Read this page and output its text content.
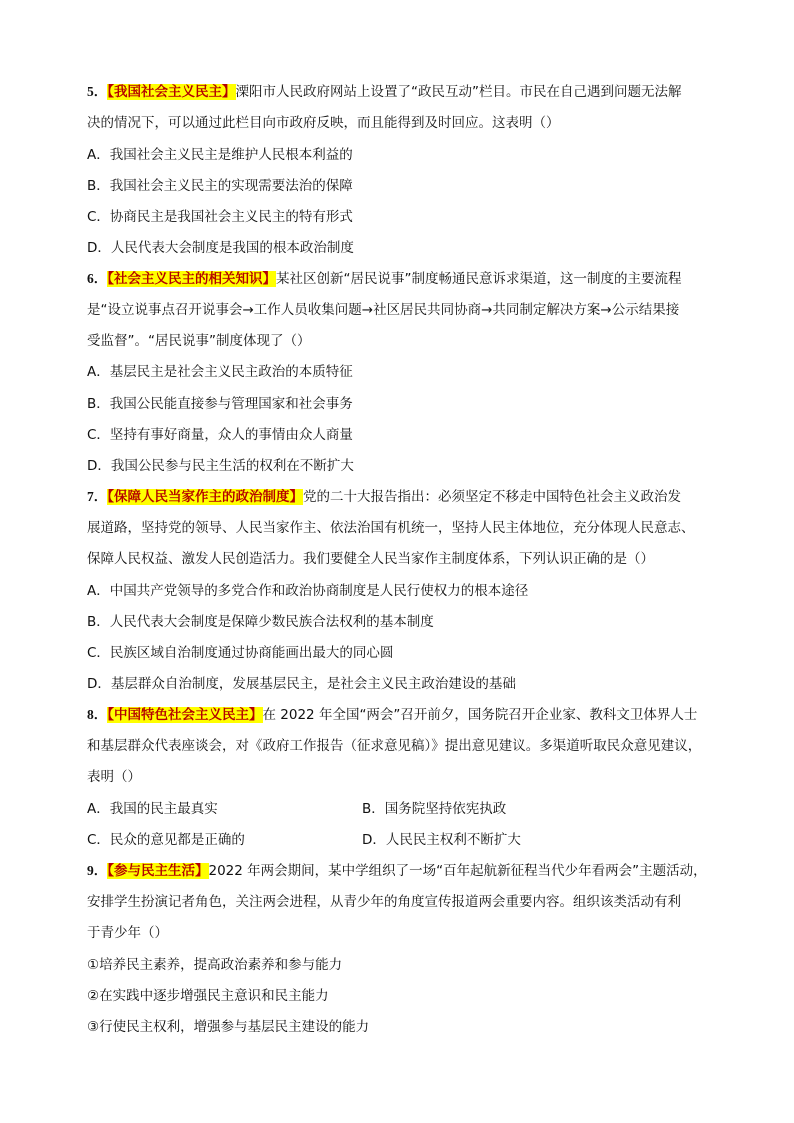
5．【我国社会主义民主】溧阳市人民政府网站上设置了“政民互动”栏目。市民在自己遇到问题无法解
决的情况下，可以通过此栏目向市政府反映，而且能得到及时回应。这表明（）
A．我国社会主义民主是维护人民根本利益的
B．我国社会主义民主的实现需要法治的保障
C．协商民主是我国社会主义民主的特有形式
D．人民代表大会制度是我国的根本政治制度
6．【社会主义民主的相关知识】某社区创新“居民说事”制度畅通民意诉求渠道，这一制度的主要流程
是“设立说事点召开说事会→工作人员收集问题→社区居民共同协商→共同制定解决方案→公示结果接
受监督”。“居民说事”制度体现了（）
A．基层民主是社会主义民主政治的本质特征
B．我国公民能直接参与管理国家和社会事务
C．坚持有事好商量，众人的事情由众人商量
D．我国公民参与民主生活的权利在不断扩大
7．【保障人民当家作主的政治制度】党的二十大报告指出：必须坚定不移走中国特色社会主义政治发
展道路，坚持党的领导、人民当家作主、依法治国有机统一，坚持人民主体地位，充分体现人民意志、
保障人民权益、激发人民创造活力。我们要健全人民当家作主制度体系，下列认识正确的是（）
A．中国共产党领导的多党合作和政治协商制度是人民行使权力的根本途径
B．人民代表大会制度是保障少数民族合法权利的基本制度
C．民族区域自治制度通过协商能画出最大的同心圆
D．基层群众自治制度，发展基层民主，是社会主义民主政治建设的基础
8．【中国特色社会主义民主】在 2022 年全国“两会”召开前夕，国务院召开企业家、教科文卫体界人士
和基层群众代表座谈会，对《政府工作报告（征求意见稿）》提出意见建议。多渠道听取民众意见建议，
表明（）
A．我国的民主最真实	B．国务院坚持依宪执政
C．民众的意见都是正确的	D．人民民主权利不断扩大
9．【参与民主生活】2022 年两会期间，某中学组织了一场“百年起航新征程当代少年看两会”主题活动，
安排学生扮演记者角色，关注两会进程，从青少年的角度宣传报道两会重要内容。组织该类活动有利
于青少年（）
①培养民主素养，提高政治素养和参与能力
②在实践中逐步增强民主意识和民主能力
③行使民主权利，增强参与基层民主建设的能力
